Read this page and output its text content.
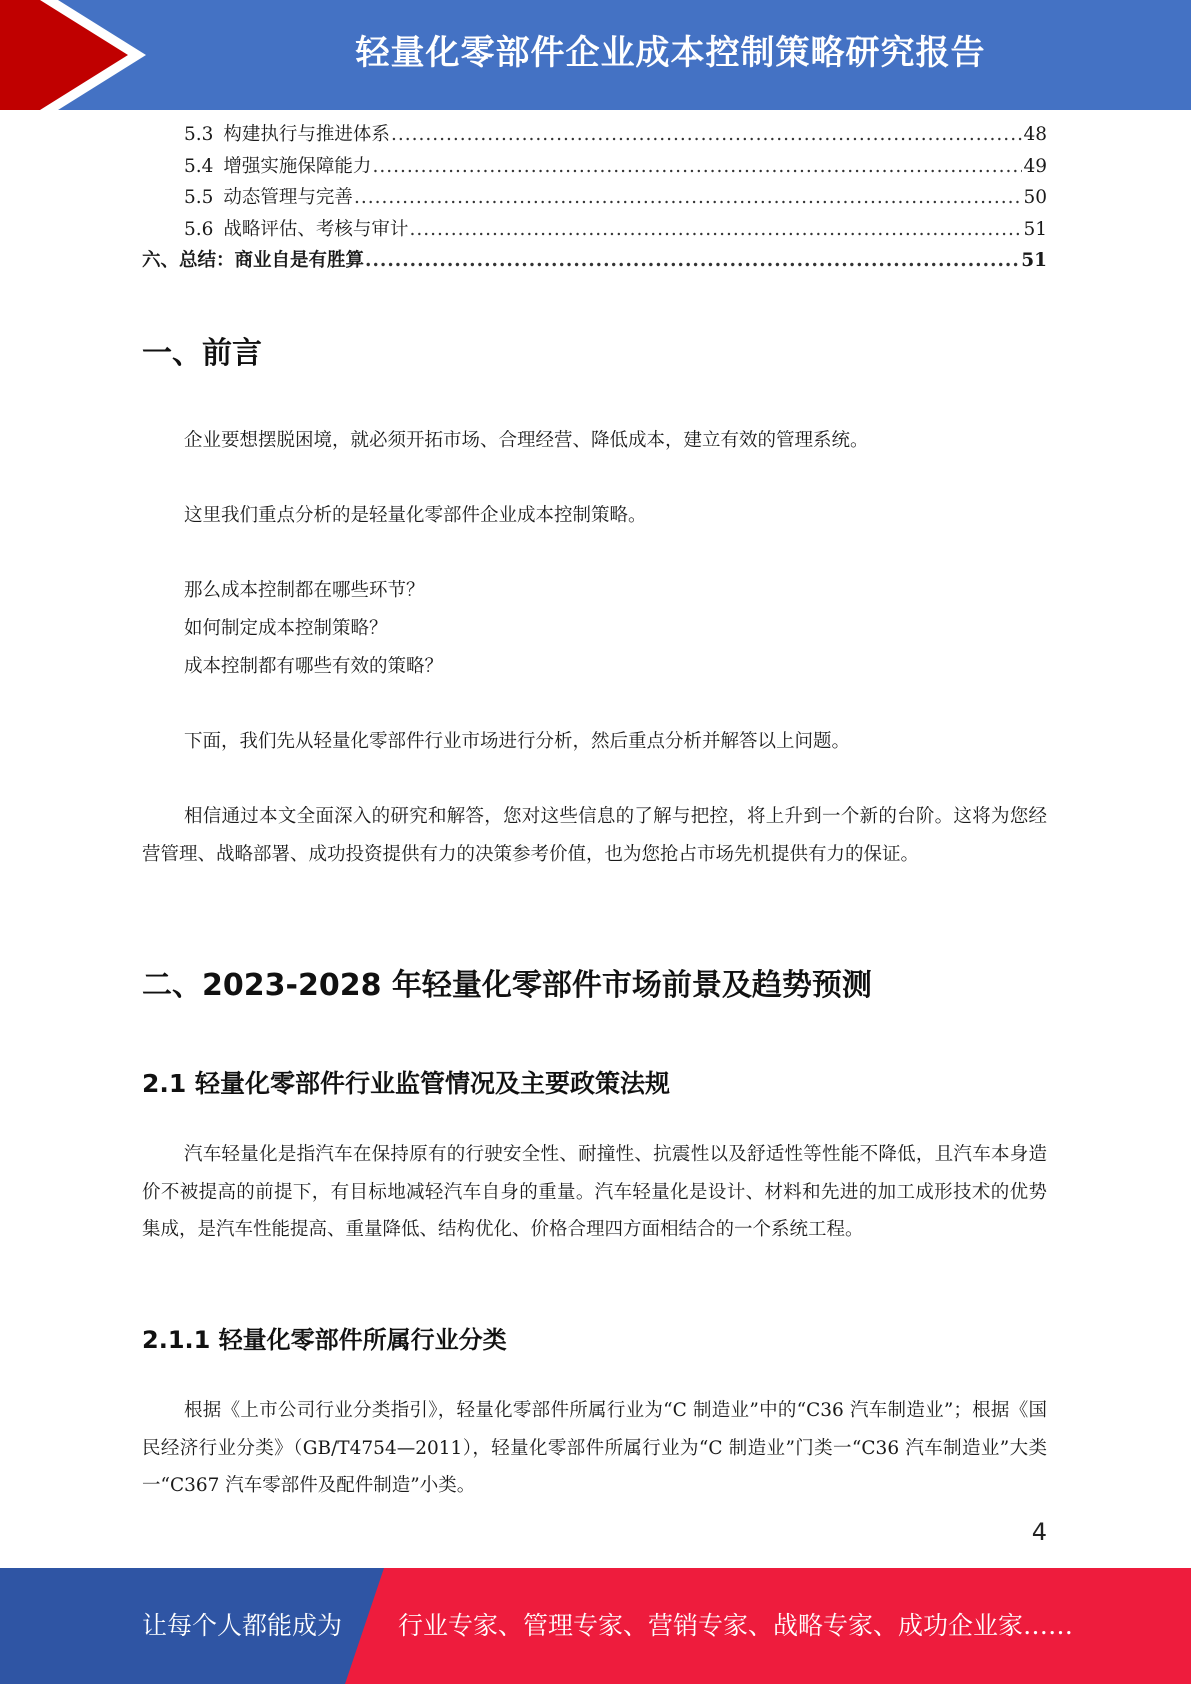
轻量化零部件企业成本控制策略研究报告
5.3 构建执行与推进体系 .....	48
5.4 增强实施保障能力 .....	49
5.5 动态管理与完善 .....	50
5.6 战略评估、考核与审计 .....	51
六、总结：商业自是有胜算 .....	51
一、前言

企业要想摆脱困境，就必须开拓市场、合理经营、降低成本，建立有效的管理系统。

这里我们重点分析的是轻量化零部件企业成本控制策略。

那么成本控制都在哪些环节？

如何制定成本控制策略？

成本控制都有哪些有效的策略？

下面，我们先从轻量化零部件行业市场进行分析，然后重点分析并解答以上问题。

相信通过本文全面深入的研究和解答，您对这些信息的了解与把控，将上升到一个新的台阶。这将为您经营管理、战略部署、成功投资提供有力的决策参考价值，也为您抢占市场先机提供有力的保证。

二、2023-2028 年轻量化零部件市场前景及趋势预测
2.1 轻量化零部件行业监管情况及主要政策法规

汽车轻量化是指汽车在保持原有的行驶安全性、耐撞性、抗震性以及舒适性等性能不降低，且汽车本身造价不被提高的前提下，有目标地减轻汽车自身的重量。汽车轻量化是设计、材料和先进的加工成形技术的优势集成，是汽车性能提高、重量降低、结构优化、价格合理四方面相结合的一个系统工程。

2.1.1 轻量化零部件所属行业分类

根据《上市公司行业分类指引》，轻量化零部件所属行业为“C 制造业”中的“C36 汽车制造业”；根据《国民经济行业分类》（GB/T4754—2011），轻量化零部件所属行业为“C 制造业”门类一“C36 汽车制造业”大类一“C367 汽车零部件及配件制造”小类。

4
让每个人都能成为 行业专家、管理专家、营销专家、战略专家、成功企业家……
